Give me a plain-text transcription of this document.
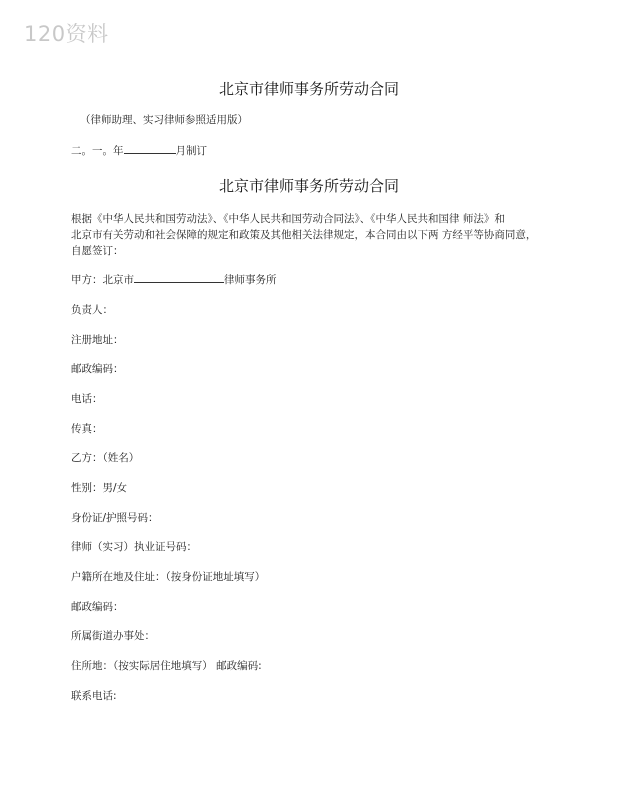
120资料
北京市律师事务所劳动合同
（律师助理、实习律师参照适用版）
二。一。年	月制订
北京市律师事务所劳动合同

根据《中华人民共和国劳动法》、《中华人民共和国劳动合同法》、《中华人民共和国律 师法》和

北京市有关劳动和社会保障的规定和政策及其他相关法律规定，本合同由以下两 方经平等协商同意，

自愿签订：

甲方：北京市	律师事务所
负责人：
注册地址：
邮政编码：
电话：
传真：
乙方：（姓名）
性别：男/女
身份证/护照号码：
律师（实习）执业证号码：
户籍所在地及住址：（按身份证地址填写）
邮政编码：
所属街道办事处：
住所地：（按实际居住地填写） 邮政编码:
联系电话:
